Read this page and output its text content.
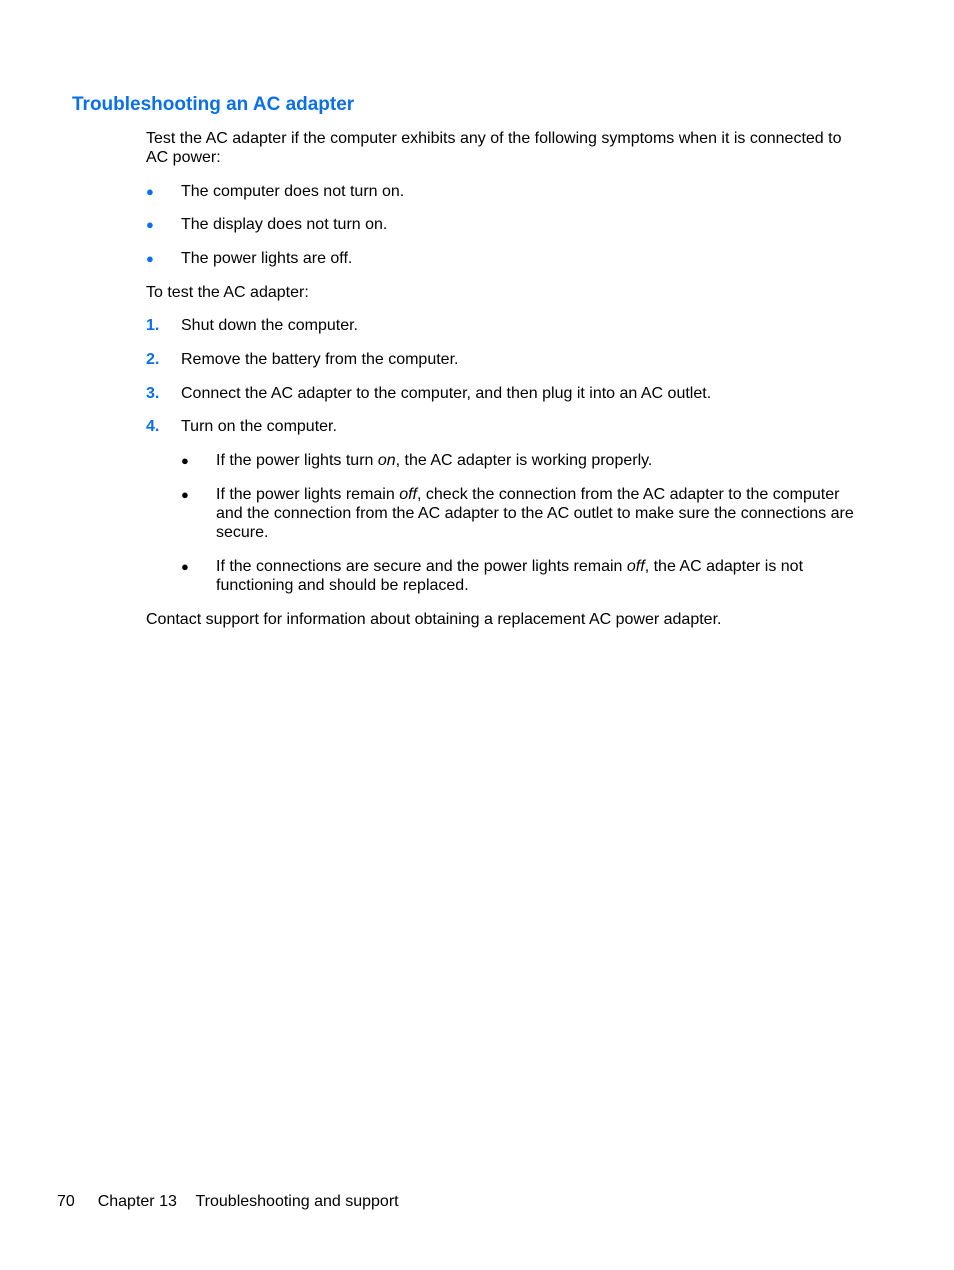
Troubleshooting an AC adapter

Test the AC adapter if the computer exhibits any of the following symptoms when it is connected to AC power:

● The computer does not turn on.
● The display does not turn on.
● The power lights are off.

To test the AC adapter:

1. Shut down the computer.
2. Remove the battery from the computer.
3. Connect the AC adapter to the computer, and then plug it into an AC outlet.
4. Turn on the computer.
● If the power lights turn on, the AC adapter is working properly.
● If the power lights remain off, check the connection from the AC adapter to the computer and the connection from the AC adapter to the AC outlet to make sure the connections are secure.
● If the connections are secure and the power lights remain off, the AC adapter is not functioning and should be replaced.

Contact support for information about obtaining a replacement AC power adapter.

70 Chapter 13 Troubleshooting and support
